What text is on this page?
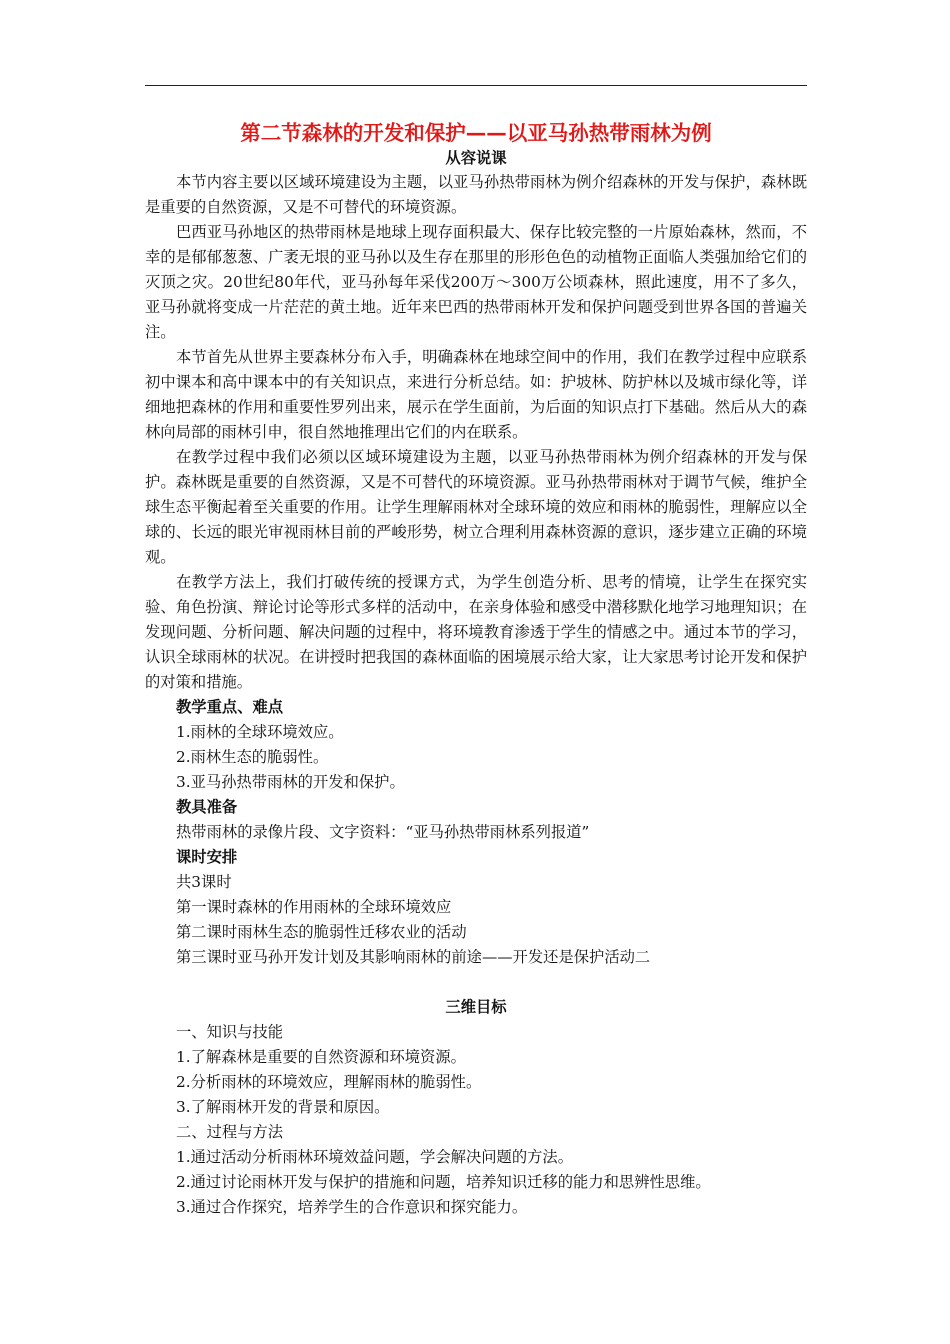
第二节森林的开发和保护——以亚马孙热带雨林为例
从容说课

本节内容主要以区域环境建设为主题，以亚马孙热带雨林为例介绍森林的开发与保护，森林既是重要的自然资源，又是不可替代的环境资源。

巴西亚马孙地区的热带雨林是地球上现存面积最大、保存比较完整的一片原始森林，然而，不幸的是郁郁葱葱、广袤无垠的亚马孙以及生存在那里的形形色色的动植物正面临人类强加给它们的灭顶之灾。20世纪80年代，亚马孙每年采伐200万～300万公顷森林，照此速度，用不了多久，亚马孙就将变成一片茫茫的黄土地。近年来巴西的热带雨林开发和保护问题受到世界各国的普遍关注。

本节首先从世界主要森林分布入手，明确森林在地球空间中的作用，我们在教学过程中应联系初中课本和高中课本中的有关知识点，来进行分析总结。如：护坡林、防护林以及城市绿化等，详细地把森林的作用和重要性罗列出来，展示在学生面前，为后面的知识点打下基础。然后从大的森林向局部的雨林引申，很自然地推理出它们的内在联系。

在教学过程中我们必须以区域环境建设为主题，以亚马孙热带雨林为例介绍森林的开发与保护。森林既是重要的自然资源，又是不可替代的环境资源。亚马孙热带雨林对于调节气候，维护全球生态平衡起着至关重要的作用。让学生理解雨林对全球环境的效应和雨林的脆弱性，理解应以全球的、长远的眼光审视雨林目前的严峻形势，树立合理利用森林资源的意识，逐步建立正确的环境观。

在教学方法上，我们打破传统的授课方式，为学生创造分析、思考的情境，让学生在探究实验、角色扮演、辩论讨论等形式多样的活动中，在亲身体验和感受中潜移默化地学习地理知识；在发现问题、分析问题、解决问题的过程中，将环境教育渗透于学生的情感之中。通过本节的学习，认识全球雨林的状况。在讲授时把我国的森林面临的困境展示给大家，让大家思考讨论开发和保护的对策和措施。

教学重点、难点
1.雨林的全球环境效应。
2.雨林生态的脆弱性。
3.亚马孙热带雨林的开发和保护。
教具准备
热带雨林的录像片段、文字资料：“亚马孙热带雨林系列报道”
课时安排
共3课时
第一课时森林的作用雨林的全球环境效应
第二课时雨林生态的脆弱性迁移农业的活动
第三课时亚马孙开发计划及其影响雨林的前途——开发还是保护活动二
三维目标
一、知识与技能
1.了解森林是重要的自然资源和环境资源。
2.分析雨林的环境效应，理解雨林的脆弱性。
3.了解雨林开发的背景和原因。
二、过程与方法
1.通过活动分析雨林环境效益问题，学会解决问题的方法。
2.通过讨论雨林开发与保护的措施和问题，培养知识迁移的能力和思辨性思维。
3.通过合作探究，培养学生的合作意识和探究能力。
